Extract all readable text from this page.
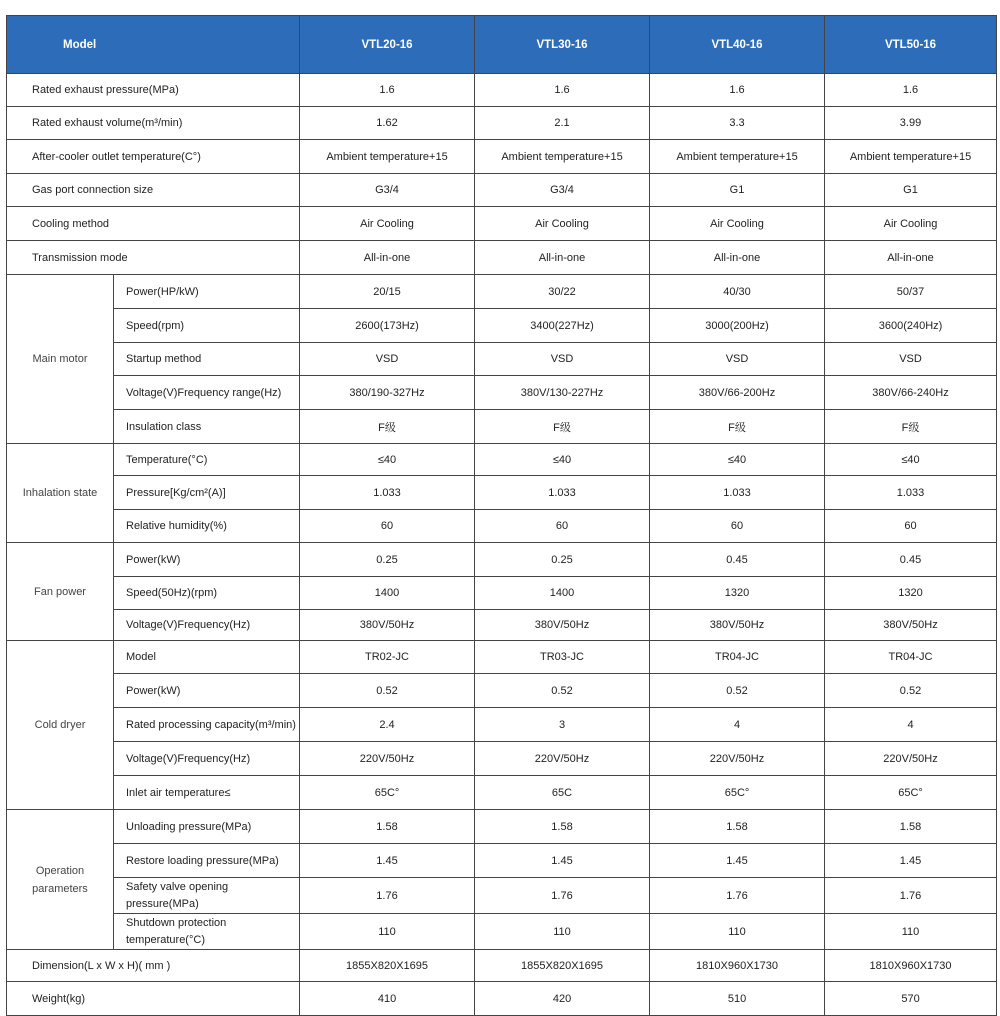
Model		VTL20-16	VTL30-16	VTL40-16	VTL50-16
Rated exhaust pressure(MPa)		1.6	1.6	1.6	1.6
Rated exhaust volume(m³/min)		1.62	2.1	3.3	3.99
After-cooler outlet temperature(C°)		Ambient temperature+15	Ambient temperature+15	Ambient temperature+15	Ambient temperature+15
Gas port connection size		G3/4	G3/4	G1	G1
Cooling method		Air Cooling	Air Cooling	Air Cooling	Air Cooling
Transmission mode		All-in-one	All-in-one	All-in-one	All-in-one
Main motor	Power(HP/kW)	20/15	30/22	40/30	50/37
	Speed(rpm)	2600(173Hz)	3400(227Hz)	3000(200Hz)	3600(240Hz)
	Startup method	VSD	VSD	VSD	VSD
	Voltage(V)Frequency range(Hz)	380/190-327Hz	380V/130-227Hz	380V/66-200Hz	380V/66-240Hz
	Insulation class	F级	F级	F级	F级
Inhalation state	Temperature(°C)	≤40	≤40	≤40	≤40
	Pressure[Kg/cm²(A)]	1.033	1.033	1.033	1.033
	Relative humidity(%)	60	60	60	60
Fan power	Power(kW)	0.25	0.25	0.45	0.45
	Speed(50Hz)(rpm)	1400	1400	1320	1320
	Voltage(V)Frequency(Hz)	380V/50Hz	380V/50Hz	380V/50Hz	380V/50Hz
Cold dryer	Model	TR02-JC	TR03-JC	TR04-JC	TR04-JC
	Power(kW)	0.52	0.52	0.52	0.52
	Rated processing capacity(m³/min)	2.4	3	4	4
	Voltage(V)Frequency(Hz)	220V/50Hz	220V/50Hz	220V/50Hz	220V/50Hz
	Inlet air temperature≤	65C°	65C	65C°	65C°
Operation parameters	Unloading pressure(MPa)	1.58	1.58	1.58	1.58
	Restore loading pressure(MPa)	1.45	1.45	1.45	1.45
	Safety valve opening pressure(MPa)	1.76	1.76	1.76	1.76
	Shutdown protection temperature(°C)	110	110	110	110
Dimension(L x W x H)( mm )		1855X820X1695	1855X820X1695	1810X960X1730	1810X960X1730
Weight(kg)		410	420	510	570
